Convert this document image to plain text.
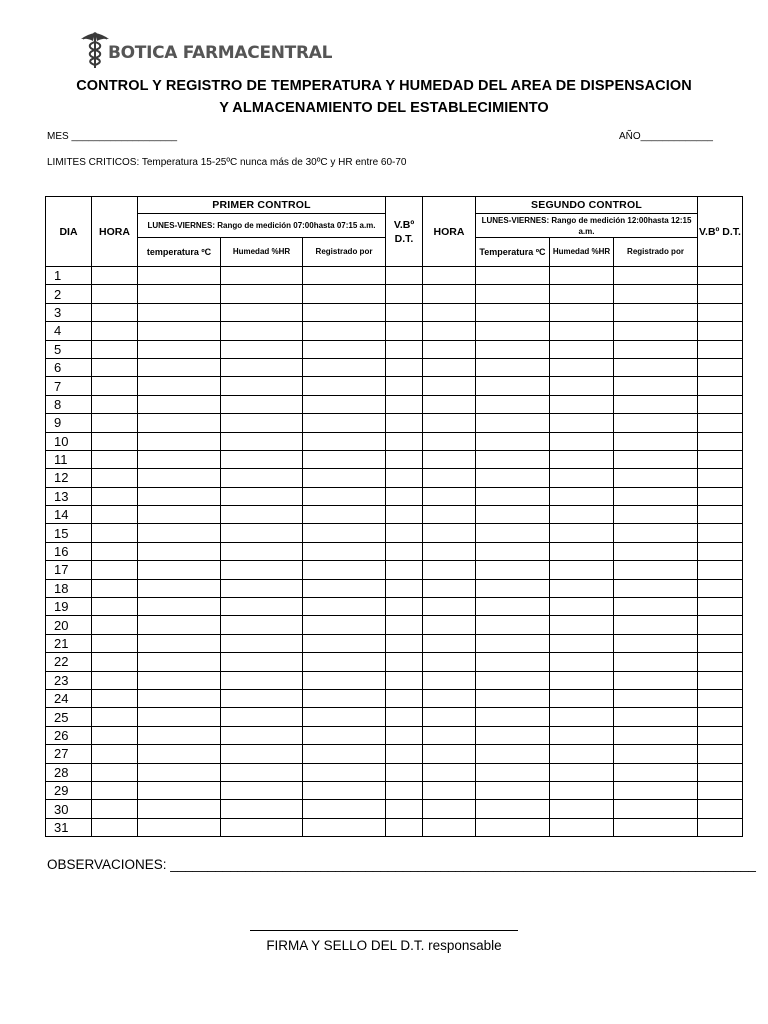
BOTICA FARMACENTRAL
CONTROL Y REGISTRO DE TEMPERATURA Y HUMEDAD DEL AREA DE DISPENSACION
Y ALMACENAMIENTO DEL ESTABLECIMIENTO
MES ___________________	AÑO_____________
LIMITES CRITICOS: Temperatura 15-25ºC nunca más de 30ºC y HR entre 60-70
DIA	HORA	PRIMER CONTROL			V.Bº D.T.	HORA	SEGUNDO CONTROL			V.Bº D.T.
		LUNES-VIERNES: Rango de medición 07:00hasta 07:15 a.m.					LUNES-VIERNES: Rango de medición 12:00hasta 12:15 a.m.			
		temperatura ºC	Humedad %HR	Registrado por			Temperatura ºC	Humedad %HR	Registrado por	
1										
2										
3										
4										
5										
6										
7										
8										
9										
10										
11										
12										
13										
14										
15										
16										
17										
18										
19										
20										
21										
22										
23										
24										
25										
26										
27										
28										
29										
30										
31										
OBSERVACIONES: ______________________________________________________________________________
FIRMA Y SELLO DEL D.T. responsable
